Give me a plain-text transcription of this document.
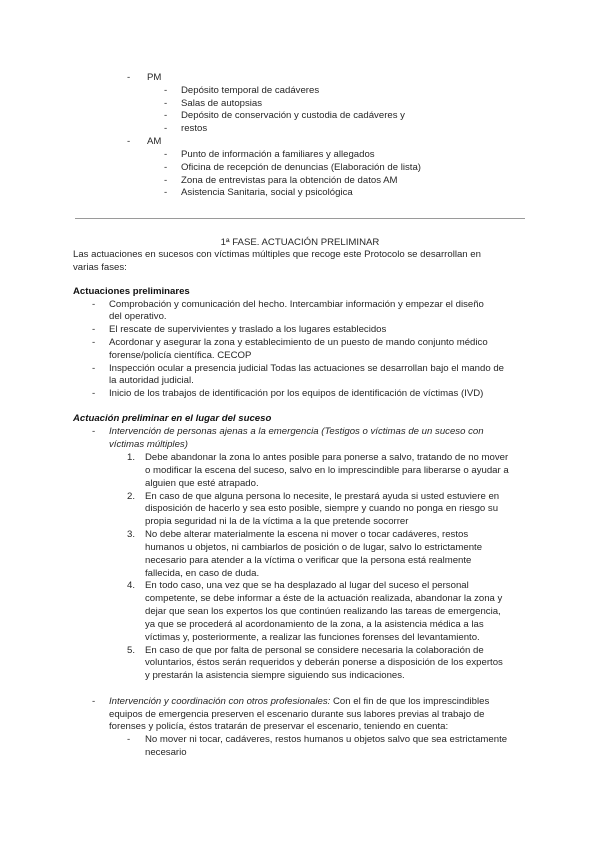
-	PM
-	Depósito temporal de cadáveres
-	Salas de autopsias
-	Depósito de conservación y custodia de cadáveres y
-	restos
-	AM
-	Punto de información a familiares y allegados
-	Oficina de recepción de denuncias (Elaboración de lista)
-	Zona de entrevistas para la obtención de datos AM
-	Asistencia Sanitaria, social y psicológica
1ª FASE. ACTUACIÓN PRELIMINAR
Las actuaciones en sucesos con víctimas múltiples que recoge este Protocolo se desarrollan en
varias fases:
Actuaciones preliminares
-	Comprobación y comunicación del hecho. Intercambiar información y empezar el diseño
del operativo.
-	El rescate de supervivientes y traslado a los lugares establecidos
-	Acordonar y asegurar la zona y establecimiento de un puesto de mando conjunto médico
forense/policía científica. CECOP
-	Inspección ocular a presencia judicial Todas las actuaciones se desarrollan bajo el mando de
la autoridad judicial.
-	Inicio de los trabajos de identificación por los equipos de identificación de víctimas (IVD)
Actuación preliminar en el lugar del suceso
-	Intervención de personas ajenas a la emergencia (Testigos o víctimas de un suceso con
víctimas múltiples)
1. Debe abandonar la zona lo antes posible para ponerse a salvo, tratando de no mover
o modificar la escena del suceso, salvo en lo imprescindible para liberarse o ayudar a
alguien que esté atrapado.
2. En caso de que alguna persona lo necesite, le prestará ayuda si usted estuviere en
disposición de hacerlo y sea esto posible, siempre y cuando no ponga en riesgo su
propia seguridad ni la de la víctima a la que pretende socorrer
3. No debe alterar materialmente la escena ni mover o tocar cadáveres, restos
humanos u objetos, ni cambiarlos de posición o de lugar, salvo lo estrictamente
necesario para atender a la víctima o verificar que la persona está realmente
fallecida, en caso de duda.
4. En todo caso, una vez que se ha desplazado al lugar del suceso el personal
competente, se debe informar a éste de la actuación realizada, abandonar la zona y
dejar que sean los expertos los que continúen realizando las tareas de emergencia,
ya que se procederá al acordonamiento de la zona, a la asistencia médica a las
víctimas y, posteriormente, a realizar las funciones forenses del levantamiento.
5. En caso de que por falta de personal se considere necesaria la colaboración de
voluntarios, éstos serán requeridos y deberán ponerse a disposición de los expertos
y prestarán la asistencia siempre siguiendo sus indicaciones.
-	Intervención y coordinación con otros profesionales: Con el fin de que los imprescindibles
equipos de emergencia preserven el escenario durante sus labores previas al trabajo de
forenses y policía, éstos tratarán de preservar el escenario, teniendo en cuenta:
-	No mover ni tocar, cadáveres, restos humanos u objetos salvo que sea estrictamente
necesario
